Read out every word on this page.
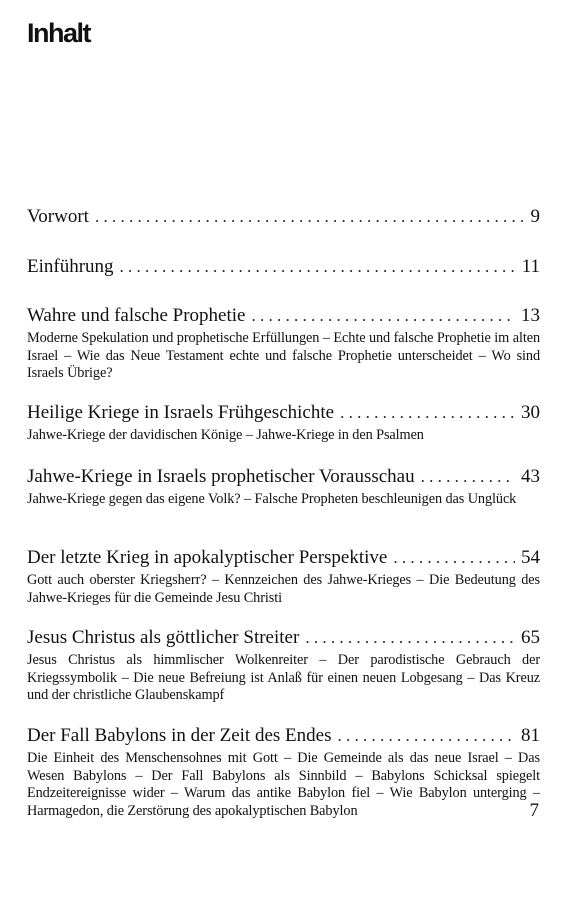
Inhalt
Vorwort . . .	9
Einführung . . .	11
Wahre und falsche Prophetie . . .	13
Moderne Spekulation und prophetische Erfüllungen – Echte und falsche Prophetie im alten Israel – Wie das Neue Testament echte und falsche Prophetie unterscheidet – Wo sind Israels Übrige?
Heilige Kriege in Israels Frühgeschichte . . .	30
Jahwe-Kriege der davidischen Könige – Jahwe-Kriege in den Psalmen
Jahwe-Kriege in Israels prophetischer Vorausschau . . .	43
Jahwe-Kriege gegen das eigene Volk? – Falsche Propheten beschleunigen das Unglück
Der letzte Krieg in apokalyptischer Perspektive . . .	54
Gott auch oberster Kriegsherr? – Kennzeichen des Jahwe-Krieges – Die Bedeutung des Jahwe-Krieges für die Gemeinde Jesu Christi
Jesus Christus als göttlicher Streiter . . .	65
Jesus Christus als himmlischer Wolkenreiter – Der parodistische Gebrauch der Kriegssymbolik – Die neue Befreiung ist Anlaß für einen neuen Lobgesang – Das Kreuz und der christliche Glaubenskampf
Der Fall Babylons in der Zeit des Endes . . .	81
Die Einheit des Menschensohnes mit Gott – Die Gemeinde als das neue Israel – Das Wesen Babylons – Der Fall Babylons als Sinnbild – Babylons Schicksal spiegelt Endzeitereignisse wider – Warum das antike Babylon fiel – Wie Babylon unterging – Harmagedon, die Zerstörung des apokalyptischen Babylon	7
